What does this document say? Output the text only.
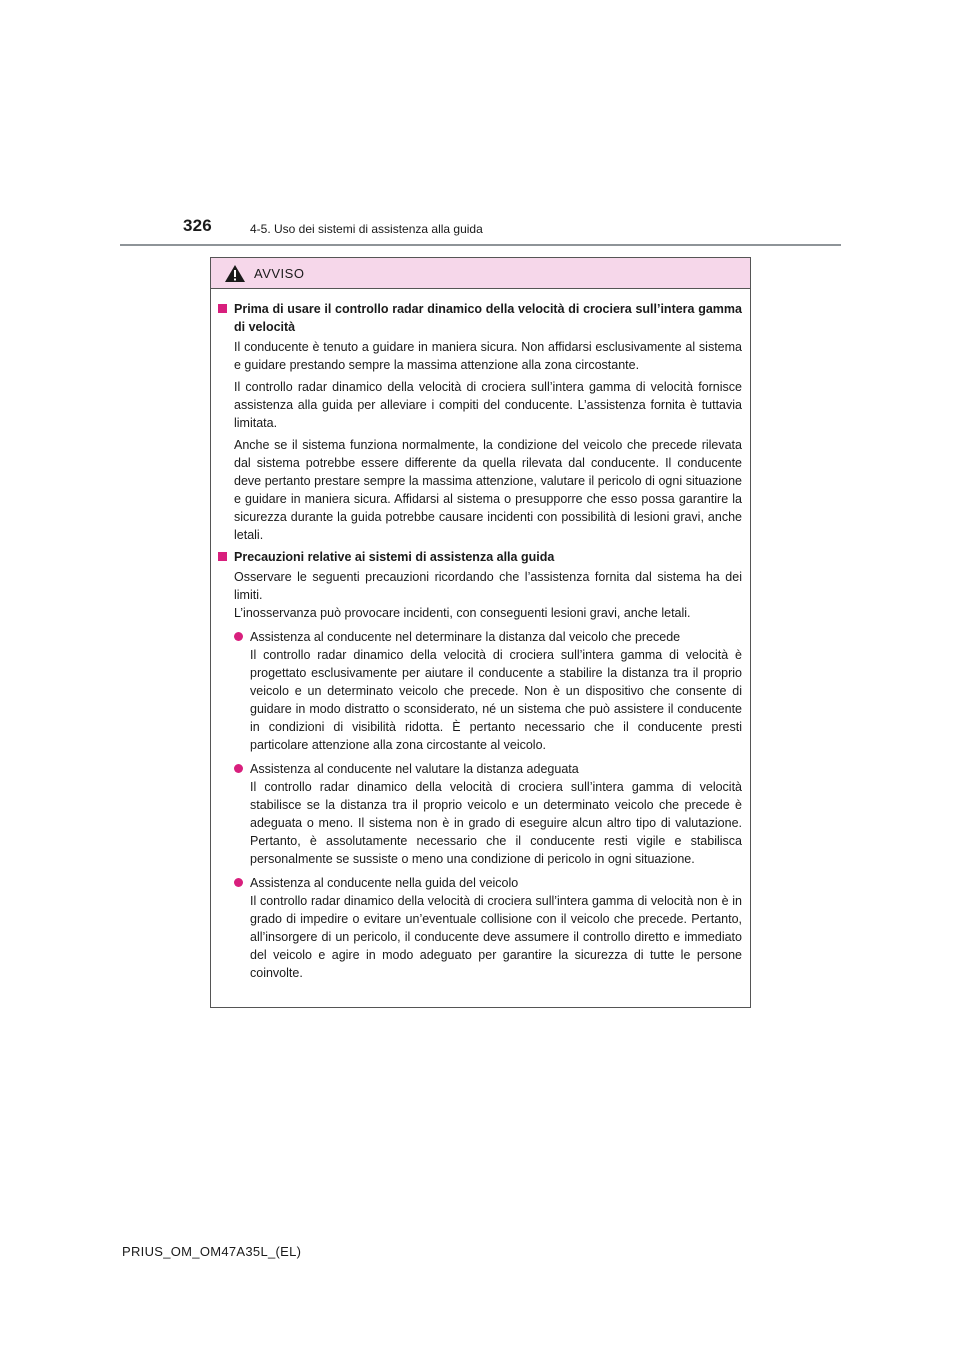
326	4-5. Uso dei sistemi di assistenza alla guida
AVVISO
Prima di usare il controllo radar dinamico della velocità di crociera sull’intera gamma di velocità

Il conducente è tenuto a guidare in maniera sicura. Non affidarsi esclusivamente al sistema e guidare prestando sempre la massima attenzione alla zona circostante.

Il controllo radar dinamico della velocità di crociera sull’intera gamma di velocità fornisce assistenza alla guida per alleviare i compiti del conducente. L’assistenza fornita è tuttavia limitata.

Anche se il sistema funziona normalmente, la condizione del veicolo che precede rilevata dal sistema potrebbe essere differente da quella rilevata dal conducente. Il conducente deve pertanto prestare sempre la massima attenzione, valutare il pericolo di ogni situazione e guidare in maniera sicura. Affidarsi al sistema o presupporre che esso possa garantire la sicurezza durante la guida potrebbe causare incidenti con possibilità di lesioni gravi, anche letali.

Precauzioni relative ai sistemi di assistenza alla guida

Osservare le seguenti precauzioni ricordando che l’assistenza fornita dal sistema ha dei limiti.
L’inosservanza può provocare incidenti, con conseguenti lesioni gravi, anche letali.

Assistenza al conducente nel determinare la distanza dal veicolo che precede
Il controllo radar dinamico della velocità di crociera sull’intera gamma di velocità è progettato esclusivamente per aiutare il conducente a stabilire la distanza tra il proprio veicolo e un determinato veicolo che precede. Non è un dispositivo che consente di guidare in modo distratto o sconsiderato, né un sistema che può assistere il conducente in condizioni di visibilità ridotta. È pertanto necessario che il conducente presti particolare attenzione alla zona circostante al veicolo.
Assistenza al conducente nel valutare la distanza adeguata
Il controllo radar dinamico della velocità di crociera sull’intera gamma di velocità stabilisce se la distanza tra il proprio veicolo e un determinato veicolo che precede è adeguata o meno. Il sistema non è in grado di eseguire alcun altro tipo di valutazione. Pertanto, è assolutamente necessario che il conducente resti vigile e stabilisca personalmente se sussiste o meno una condizione di pericolo in ogni situazione.
Assistenza al conducente nella guida del veicolo
Il controllo radar dinamico della velocità di crociera sull’intera gamma di velocità non è in grado di impedire o evitare un’eventuale collisione con il veicolo che precede. Pertanto, all’insorgere di un pericolo, il conducente deve assumere il controllo diretto e immediato del veicolo e agire in modo adeguato per garantire la sicurezza di tutte le persone coinvolte.
PRIUS_OM_OM47A35L_(EL)
